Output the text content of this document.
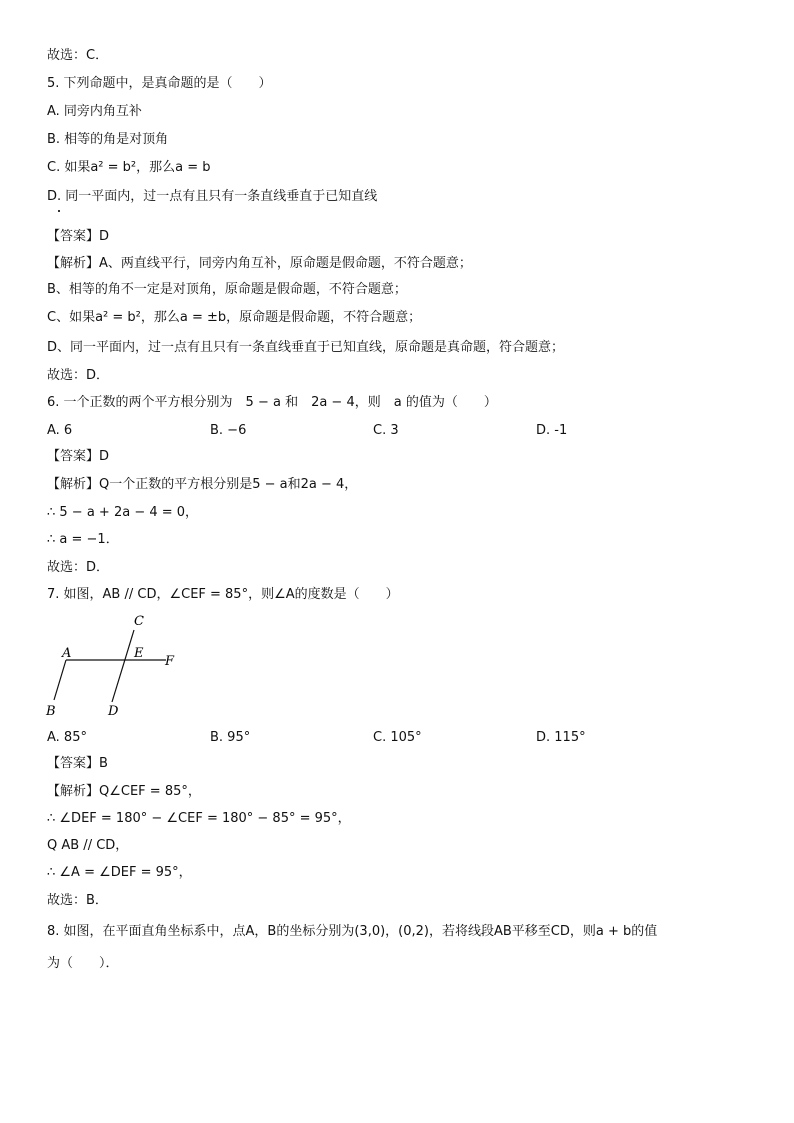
故选：C．
5. 下列命题中，是真命题的是（　　）
A. 同旁内角互补
B. 相等的角是对顶角
C. 如果a² = b²，那么a = b
D. 同一平面内，过一点有且只有一条直线垂直于已知直线
【答案】D
【解析】A、两直线平行，同旁内角互补，原命题是假命题，不符合题意；
B、相等的角不一定是对顶角，原命题是假命题，不符合题意；
C、如果a² = b²，那么a = ±b，原命题是假命题，不符合题意；
D、同一平面内，过一点有且只有一条直线垂直于已知直线，原命题是真命题，符合题意；
故选：D．
6. 一个正数的两个平方根分别为　5 − a 和　2a − 4，则　a 的值为（　　）
A. 6	B. −6	C. 3	D. -1
【答案】D
【解析】Q一个正数的平方根分别是5 − a和2a − 4，
∴ 5 − a + 2a − 4 = 0，
∴ a = −1．
故选：D．
7. 如图，AB // CD，∠CEF = 85°，则∠A的度数是（　　）
A
B
C
D
E
F
A. 85°	B. 95°	C. 105°	D. 115°
【答案】B
【解析】Q∠CEF = 85°，
∴ ∠DEF = 180° − ∠CEF = 180° − 85° = 95°，
Q AB // CD，
∴ ∠A = ∠DEF = 95°，
故选：B．
8. 如图，在平面直角坐标系中，点A，B的坐标分别为(3,0)，(0,2)，若将线段AB平移至CD，则a + b的值
为（　　）．
